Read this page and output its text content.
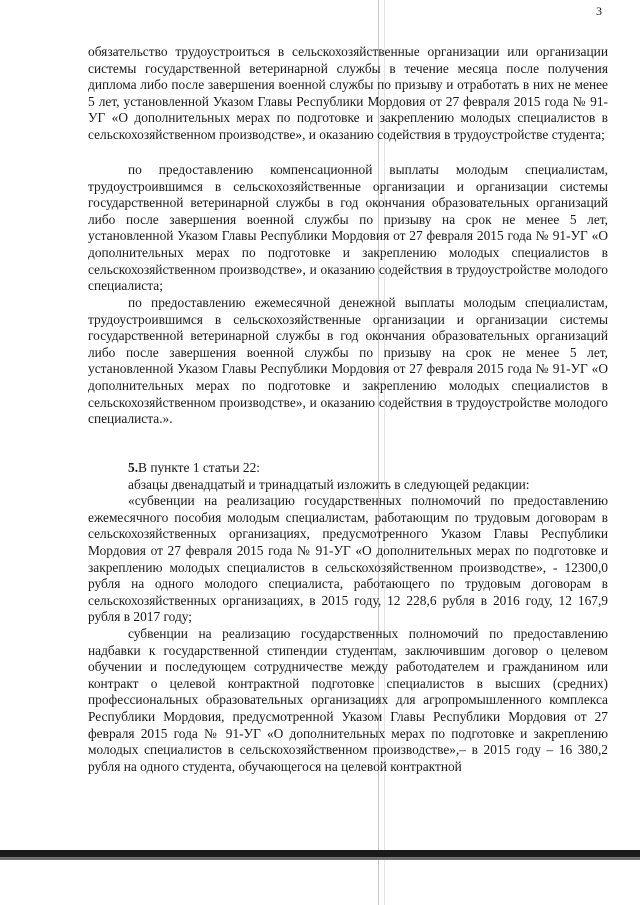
3

обязательство трудоустроиться в сельскохозяйственные организации или организации системы государственной ветеринарной службы в течение месяца после получения диплома либо после завершения военной службы по призыву и отработать в них не менее 5 лет, установленной Указом Главы Республики Мордовия от 27 февраля 2015 года № 91-УГ «О дополнительных мерах по подготовке и закреплению молодых специалистов в сельскохозяйственном производстве», и оказанию содействия в трудоустройстве студента;

по предоставлению компенсационной выплаты молодым специалистам, трудоустроившимся в сельскохозяйственные организации и организации системы государственной ветеринарной службы в год окончания образовательных организаций либо после завершения военной службы по призыву на срок не менее 5 лет, установленной Указом Главы Республики Мордовия от 27 февраля 2015 года № 91-УГ «О дополнительных мерах по подготовке и закреплению молодых специалистов в сельскохозяйственном производстве», и оказанию содействия в трудоустройстве молодого специалиста;

по предоставлению ежемесячной денежной выплаты молодым специалистам, трудоустроившимся в сельскохозяйственные организации и организации системы государственной ветеринарной службы в год окончания образовательных организаций либо после завершения военной службы по призыву на срок не менее 5 лет, установленной Указом Главы Республики Мордовия от 27 февраля 2015 года № 91-УГ «О дополнительных мерах по подготовке и закреплению молодых специалистов в сельскохозяйственном производстве», и оказанию содействия в трудоустройстве молодого специалиста.».

5.В пункте 1 статьи 22:

абзацы двенадцатый и тринадцатый изложить в следующей редакции:

«субвенции на реализацию государственных полномочий по предоставлению ежемесячного пособия молодым специалистам, работающим по трудовым договорам в сельскохозяйственных организациях, предусмотренного Указом Главы Республики Мордовия от 27 февраля 2015 года № 91-УГ «О дополнительных мерах по подготовке и закреплению молодых специалистов в сельскохозяйственном производстве», - 12300,0 рубля на одного молодого специалиста, работающего по трудовым договорам в сельскохозяйственных организациях, в 2015 году, 12 228,6 рубля в 2016 году, 12 167,9 рубля в 2017 году;

субвенции на реализацию государственных полномочий по предоставлению надбавки к государственной стипендии студентам, заключившим договор о целевом обучении и последующем сотрудничестве между работодателем и гражданином или контракт о целевой контрактной подготовке специалистов в высших (средних) профессиональных образовательных организациях для агропромышленного комплекса Республики Мордовия, предусмотренной Указом Главы Республики Мордовия от 27 февраля 2015 года № 91-УГ «О дополнительных мерах по подготовке и закреплению молодых специалистов в сельскохозяйственном производстве»,– в 2015 году – 16 380,2 рубля на одного студента, обучающегося на целевой контрактной
